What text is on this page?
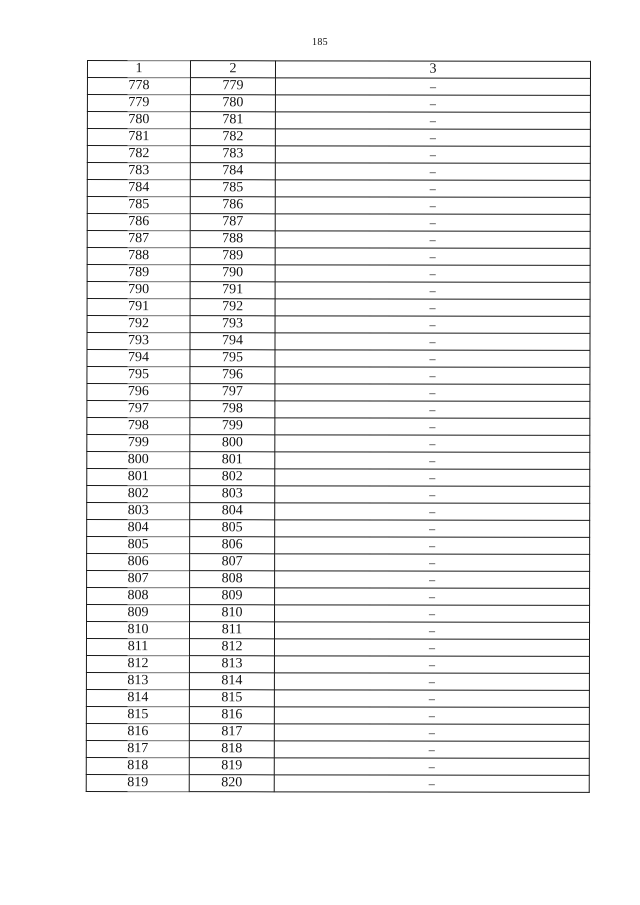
185
1	2	3
778	779	–
779	780	–
780	781	–
781	782	–
782	783	–
783	784	–
784	785	–
785	786	–
786	787	–
787	788	–
788	789	–
789	790	–
790	791	–
791	792	–
792	793	–
793	794	–
794	795	–
795	796	–
796	797	–
797	798	–
798	799	–
799	800	–
800	801	–
801	802	–
802	803	–
803	804	–
804	805	–
805	806	–
806	807	–
807	808	–
808	809	–
809	810	–
810	811	–
811	812	–
812	813	–
813	814	–
814	815	–
815	816	–
816	817	–
817	818	–
818	819	–
819	820	–
